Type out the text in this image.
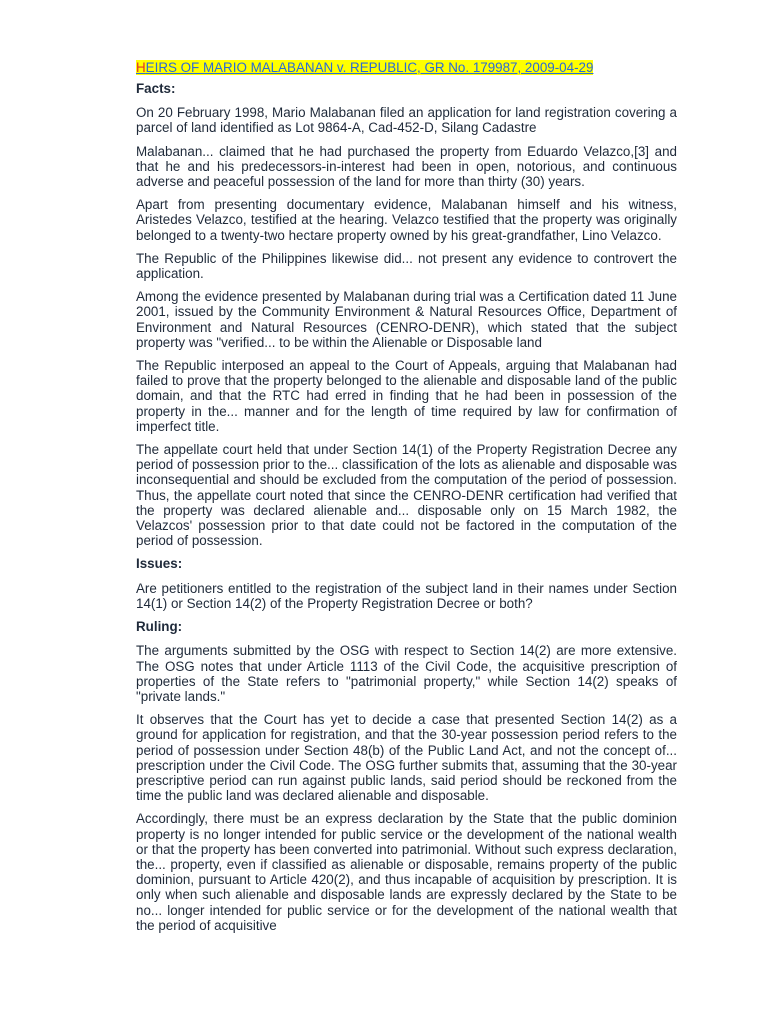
HEIRS OF MARIO MALABANAN v. REPUBLIC, GR No. 179987, 2009-04-29

Facts:

On 20 February 1998, Mario Malabanan filed an application for land registration covering a parcel of land identified as Lot 9864-A, Cad-452-D, Silang Cadastre

Malabanan... claimed that he had purchased the property from Eduardo Velazco,[3] and that he and his predecessors-in-interest had been in open, notorious, and continuous adverse and peaceful possession of the land for more than thirty (30) years.

Apart from presenting documentary evidence, Malabanan himself and his witness, Aristedes Velazco, testified at the hearing. Velazco testified that the property was originally belonged to a twenty-two hectare property owned by his great-grandfather, Lino Velazco.

The Republic of the Philippines likewise did... not present any evidence to controvert the application.

Among the evidence presented by Malabanan during trial was a Certification dated 11 June 2001, issued by the Community Environment & Natural Resources Office, Department of Environment and Natural Resources (CENRO-DENR), which stated that the subject property was "verified... to be within the Alienable or Disposable land

The Republic interposed an appeal to the Court of Appeals, arguing that Malabanan had failed to prove that the property belonged to the alienable and disposable land of the public domain, and that the RTC had erred in finding that he had been in possession of the property in the... manner and for the length of time required by law for confirmation of imperfect title.

The appellate court held that under Section 14(1) of the Property Registration Decree any period of possession prior to the... classification of the lots as alienable and disposable was inconsequential and should be excluded from the computation of the period of possession. Thus, the appellate court noted that since the CENRO-DENR certification had verified that the property was declared alienable and... disposable only on 15 March 1982, the Velazcos' possession prior to that date could not be factored in the computation of the period of possession.

Issues:

Are petitioners entitled to the registration of the subject land in their names under Section 14(1) or Section 14(2) of the Property Registration Decree or both?

Ruling:

The arguments submitted by the OSG with respect to Section 14(2) are more extensive. The OSG notes that under Article 1113 of the Civil Code, the acquisitive prescription of properties of the State refers to "patrimonial property," while Section 14(2) speaks of "private lands."

It observes that the Court has yet to decide a case that presented Section 14(2) as a ground for application for registration, and that the 30-year possession period refers to the period of possession under Section 48(b) of the Public Land Act, and not the concept of... prescription under the Civil Code. The OSG further submits that, assuming that the 30-year prescriptive period can run against public lands, said period should be reckoned from the time the public land was declared alienable and disposable.

Accordingly, there must be an express declaration by the State that the public dominion property is no longer intended for public service or the development of the national wealth or that the property has been converted into patrimonial. Without such express declaration, the... property, even if classified as alienable or disposable, remains property of the public dominion, pursuant to Article 420(2), and thus incapable of acquisition by prescription. It is only when such alienable and disposable lands are expressly declared by the State to be no... longer intended for public service or for the development of the national wealth that the period of acquisitive
